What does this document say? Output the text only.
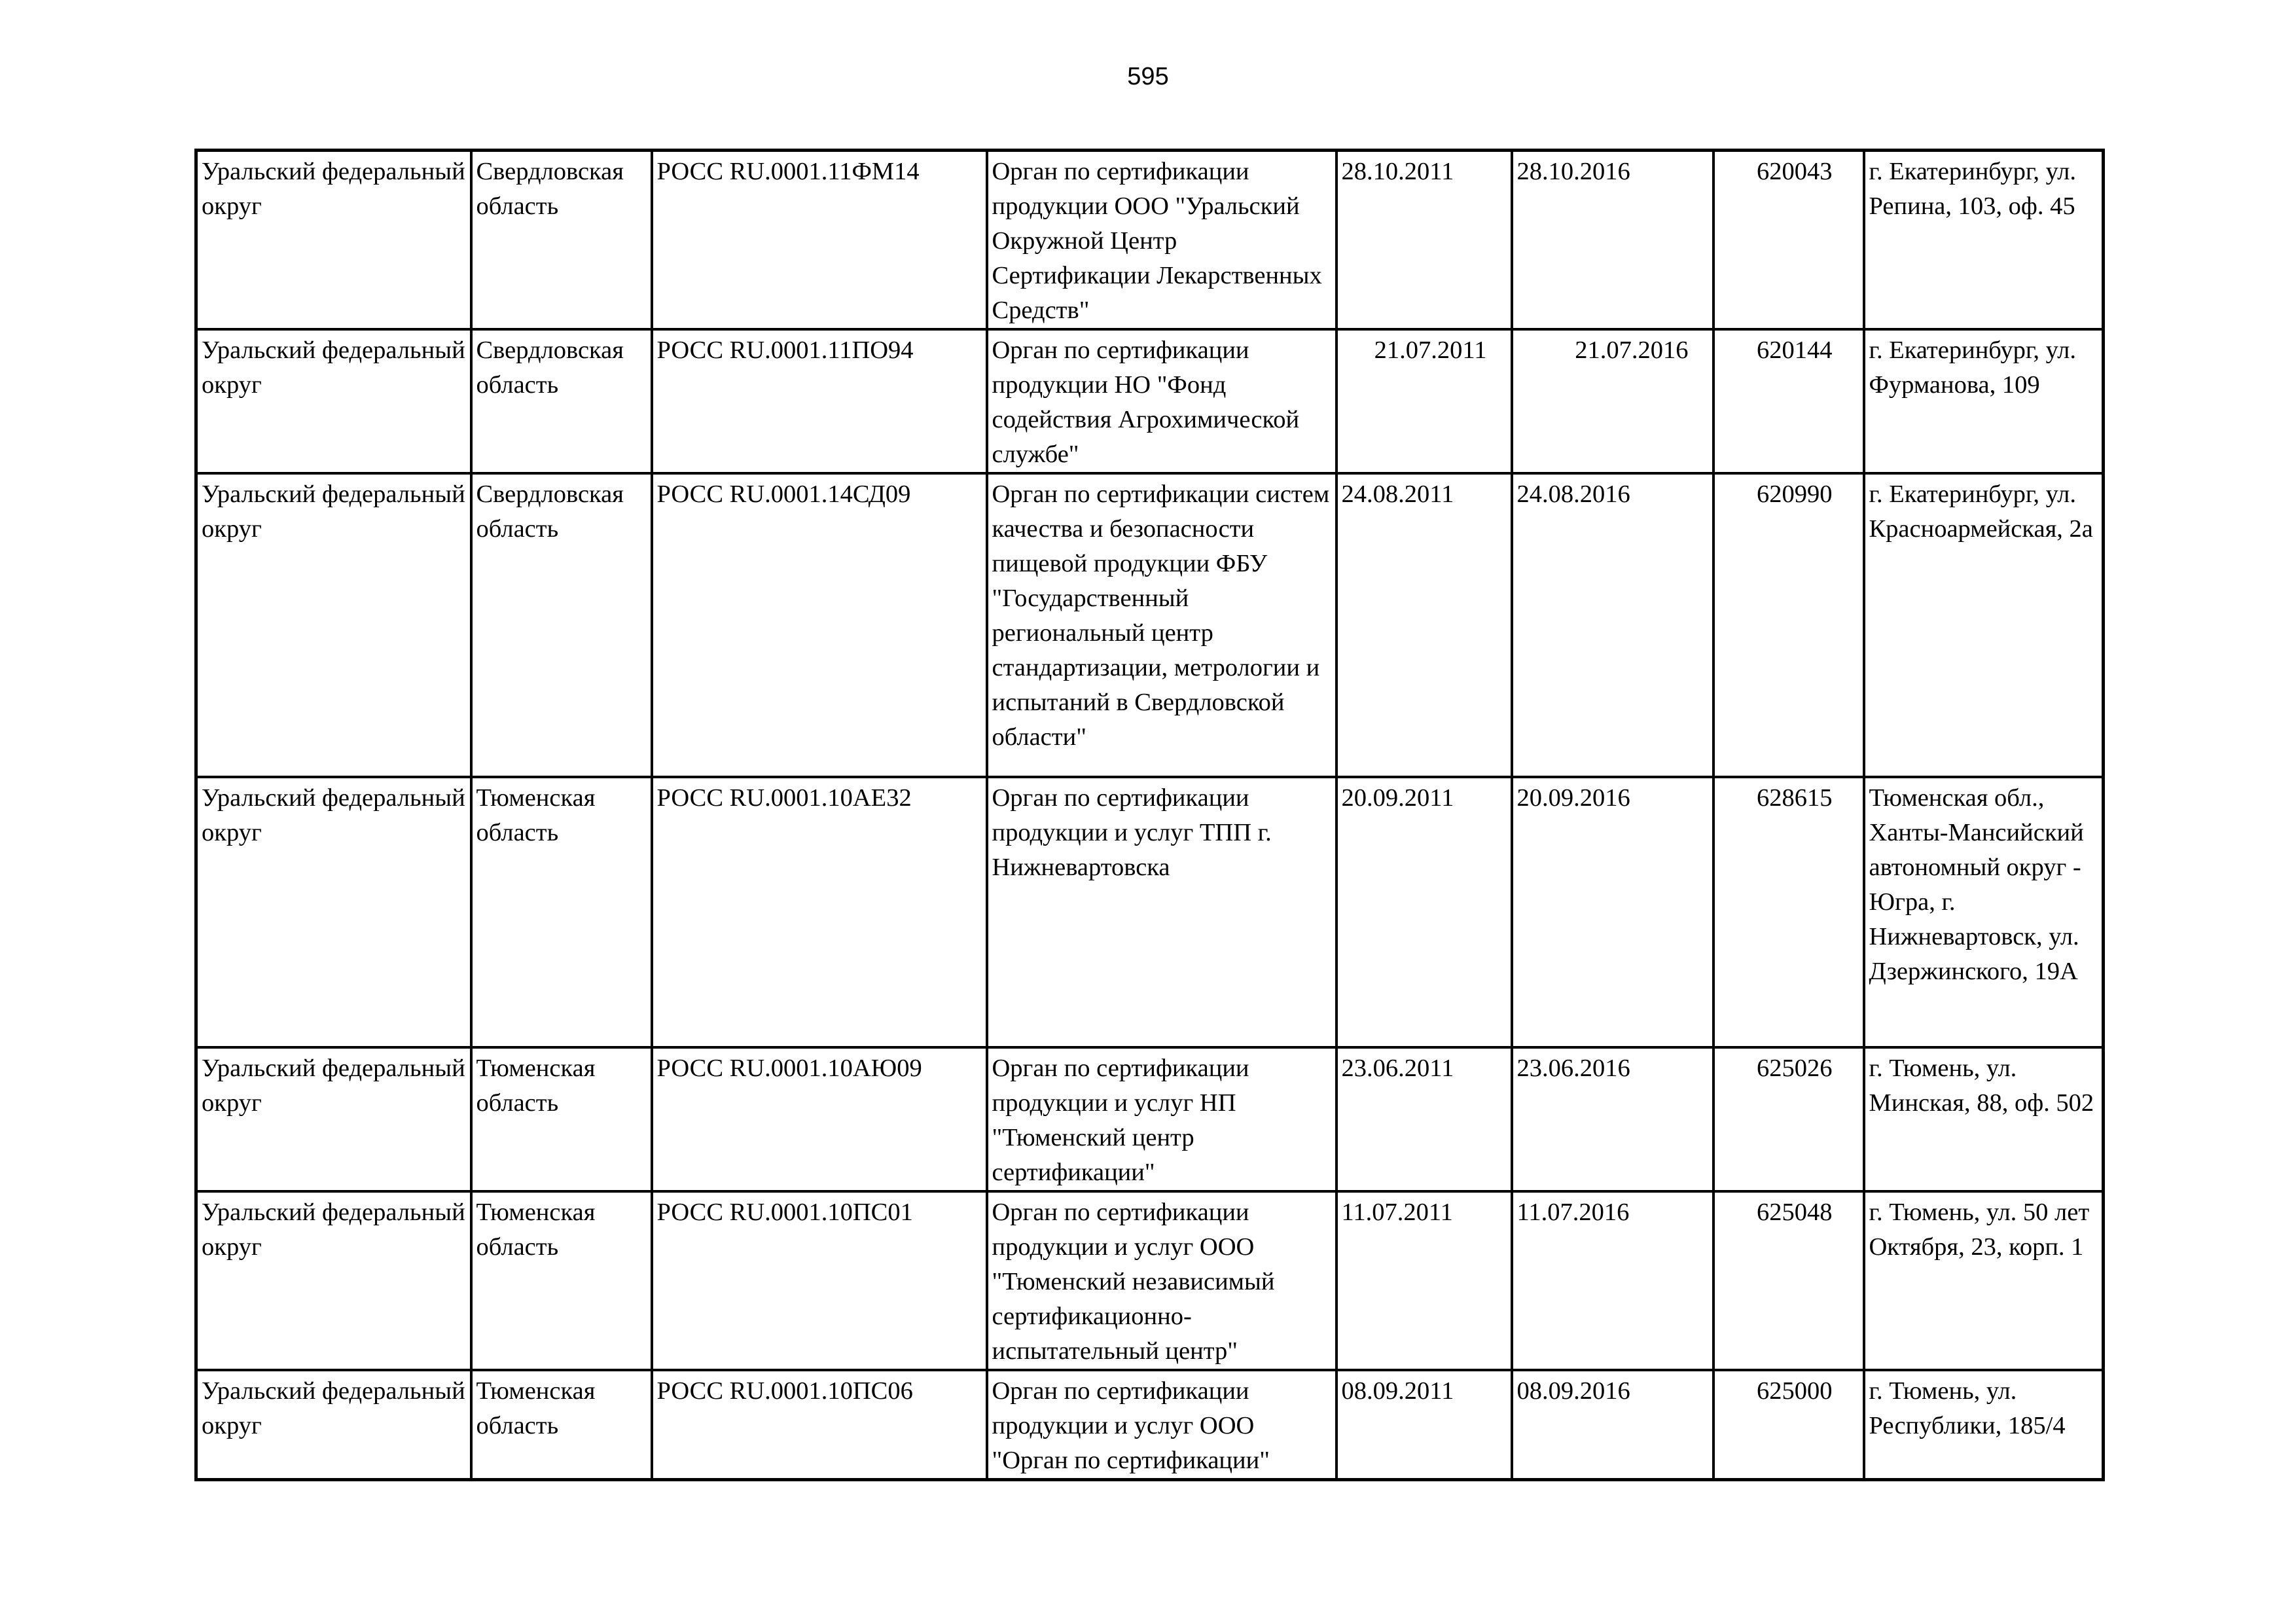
595
Уральский федеральный округ	Свердловская область	РОСС RU.0001.11ФМ14	Орган по сертификации продукции ООО "Уральский Окружной Центр Сертификации Лекарственных Средств"	28.10.2011	28.10.2016	620043	г. Екатеринбург, ул. Репина, 103, оф. 45
Уральский федеральный округ	Свердловская область	РОСС RU.0001.11ПО94	Орган по сертификации продукции НО "Фонд содействия Агрохимической службе"	21.07.2011	21.07.2016	620144	г. Екатеринбург, ул. Фурманова, 109
Уральский федеральный округ	Свердловская область	РОСС RU.0001.14СД09	Орган по сертификации систем качества и безопасности пищевой продукции ФБУ "Государственный региональный центр стандартизации, метрологии и испытаний в Свердловской области"	24.08.2011	24.08.2016	620990	г. Екатеринбург, ул. Красноармейская, 2а
Уральский федеральный округ	Тюменская область	РОСС RU.0001.10АЕ32	Орган по сертификации продукции и услуг ТПП г. Нижневартовска	20.09.2011	20.09.2016	628615	Тюменская обл., Ханты-Мансийский автономный округ - Югра, г. Нижневартовск, ул. Дзержинского, 19А
Уральский федеральный округ	Тюменская область	РОСС RU.0001.10АЮ09	Орган по сертификации продукции и услуг НП "Тюменский центр сертификации"	23.06.2011	23.06.2016	625026	г. Тюмень, ул. Минская, 88, оф. 502
Уральский федеральный округ	Тюменская область	РОСС RU.0001.10ПС01	Орган по сертификации продукции и услуг ООО "Тюменский независимый сертификационно-испытательный центр"	11.07.2011	11.07.2016	625048	г. Тюмень, ул. 50 лет Октября, 23, корп. 1
Уральский федеральный округ	Тюменская область	РОСС RU.0001.10ПС06	Орган по сертификации продукции и услуг ООО "Орган по сертификации"	08.09.2011	08.09.2016	625000	г. Тюмень, ул. Республики, 185/4
